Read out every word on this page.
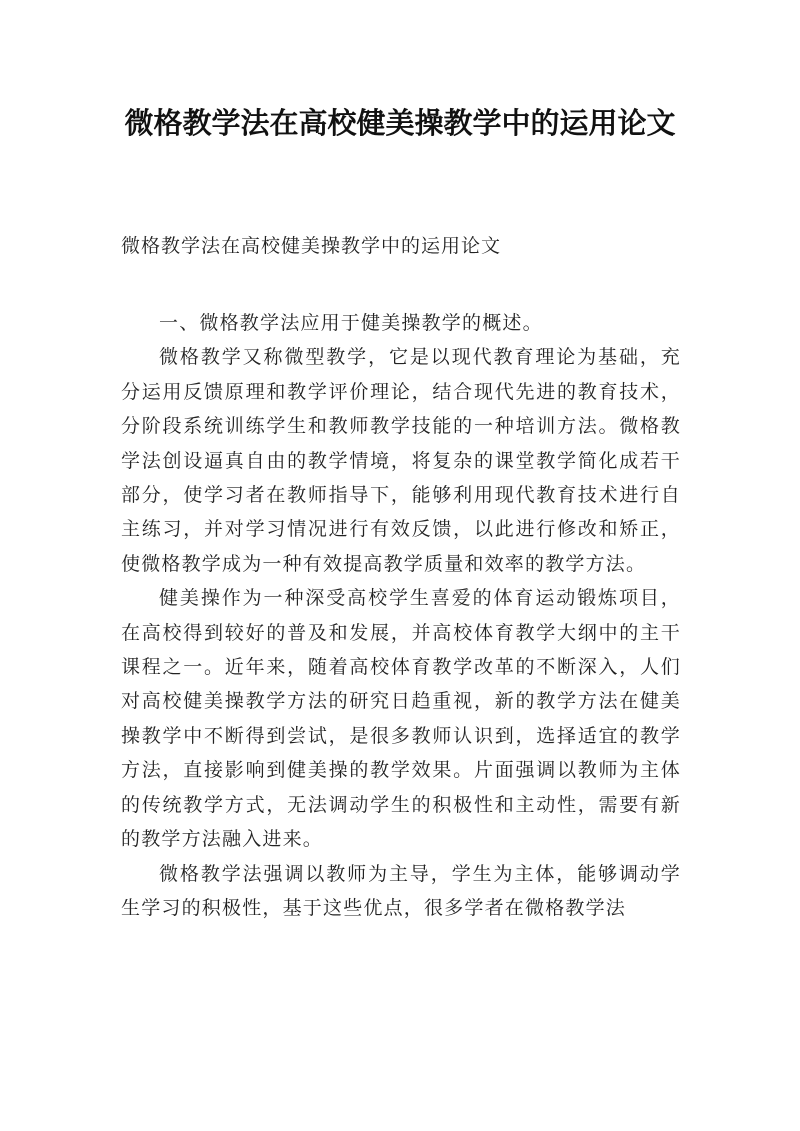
微格教学法在高校健美操教学中的运用论文

微格教学法在高校健美操教学中的运用论文

一、微格教学法应用于健美操教学的概述。

微格教学又称微型教学，它是以现代教育理论为基础，充分运用反馈原理和教学评价理论，结合现代先进的教育技术，分阶段系统训练学生和教师教学技能的一种培训方法。微格教学法创设逼真自由的教学情境，将复杂的课堂教学简化成若干部分，使学习者在教师指导下，能够利用现代教育技术进行自主练习，并对学习情况进行有效反馈，以此进行修改和矫正，使微格教学成为一种有效提高教学质量和效率的教学方法。

健美操作为一种深受高校学生喜爱的体育运动锻炼项目，在高校得到较好的普及和发展，并高校体育教学大纲中的主干课程之一。近年来，随着高校体育教学改革的不断深入，人们对高校健美操教学方法的研究日趋重视，新的教学方法在健美操教学中不断得到尝试，是很多教师认识到，选择适宜的教学方法，直接影响到健美操的教学效果。片面强调以教师为主体的传统教学方式，无法调动学生的积极性和主动性，需要有新的教学方法融入进来。

微格教学法强调以教师为主导，学生为主体，能够调动学生学习的积极性，基于这些优点，很多学者在微格教学法
